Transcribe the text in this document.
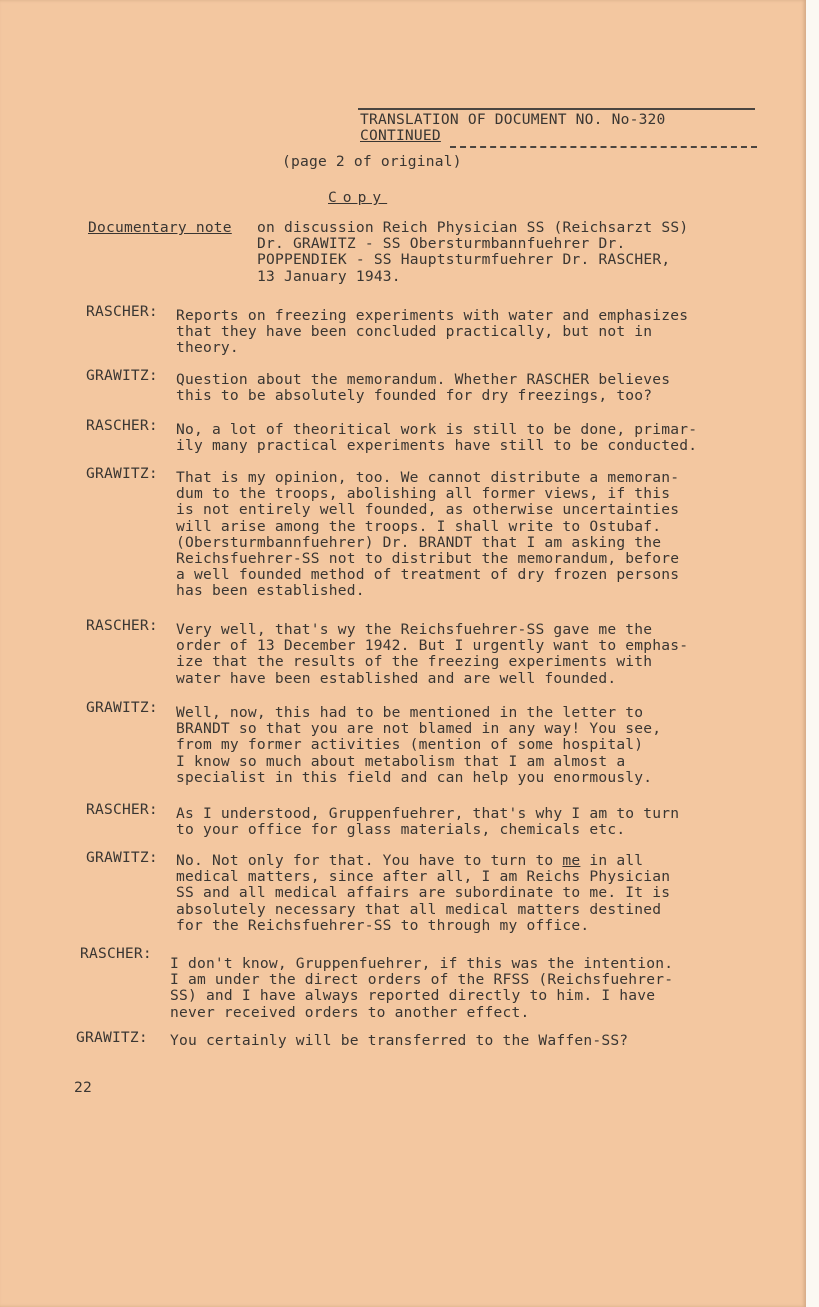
TRANSLATION OF DOCUMENT NO. No-320
CONTINUED
(page 2 of original)
Copy
Documentary note on discussion Reich Physician SS (Reichsarzt SS)
Dr. GRAWITZ - SS Obersturmbannfuehrer Dr.
POPPENDIEK - SS Hauptsturmfuehrer Dr. RASCHER,
13 January 1943.
RASCHER: Reports on freezing experiments with water and emphasizes
that they have been concluded practically, but not in
theory.
GRAWITZ: Question about the memorandum. Whether RASCHER believes
this to be absolutely founded for dry freezings, too?
RASCHER: No, a lot of theoritical work is still to be done, primar-
ily many practical experiments have still to be conducted.
GRAWITZ: That is my opinion, too. We cannot distribute a memoran-
dum to the troops, abolishing all former views, if this
is not entirely well founded, as otherwise uncertainties
will arise among the troops. I shall write to Ostubaf.
(Obersturmbannfuehrer) Dr. BRANDT that I am asking the
Reichsfuehrer-SS not to distribut the memorandum, before
a well founded method of treatment of dry frozen persons
has been established.
RASCHER: Very well, that's wy the Reichsfuehrer-SS gave me the
order of 13 December 1942. But I urgently want to emphas-
ize that the results of the freezing experiments with
water have been established and are well founded.
GRAWITZ: Well, now, this had to be mentioned in the letter to
BRANDT so that you are not blamed in any way! You see,
from my former activities (mention of some hospital)
I know so much about metabolism that I am almost a
specialist in this field and can help you enormously.
RASCHER: As I understood, Gruppenfuehrer, that's why I am to turn
to your office for glass materials, chemicals etc.
GRAWITZ: No. Not only for that. You have to turn to me in all
medical matters, since after all, I am Reichs Physician
SS and all medical affairs are subordinate to me. It is
absolutely necessary that all medical matters destined
for the Reichsfuehrer-SS to through my office.
RASCHER:
I don't know, Gruppenfuehrer, if this was the intention.
I am under the direct orders of the RFSS (Reichsfuehrer-
SS) and I have always reported directly to him. I have
never received orders to another effect.
GRAWITZ: You certainly will be transferred to the Waffen-SS?
22
